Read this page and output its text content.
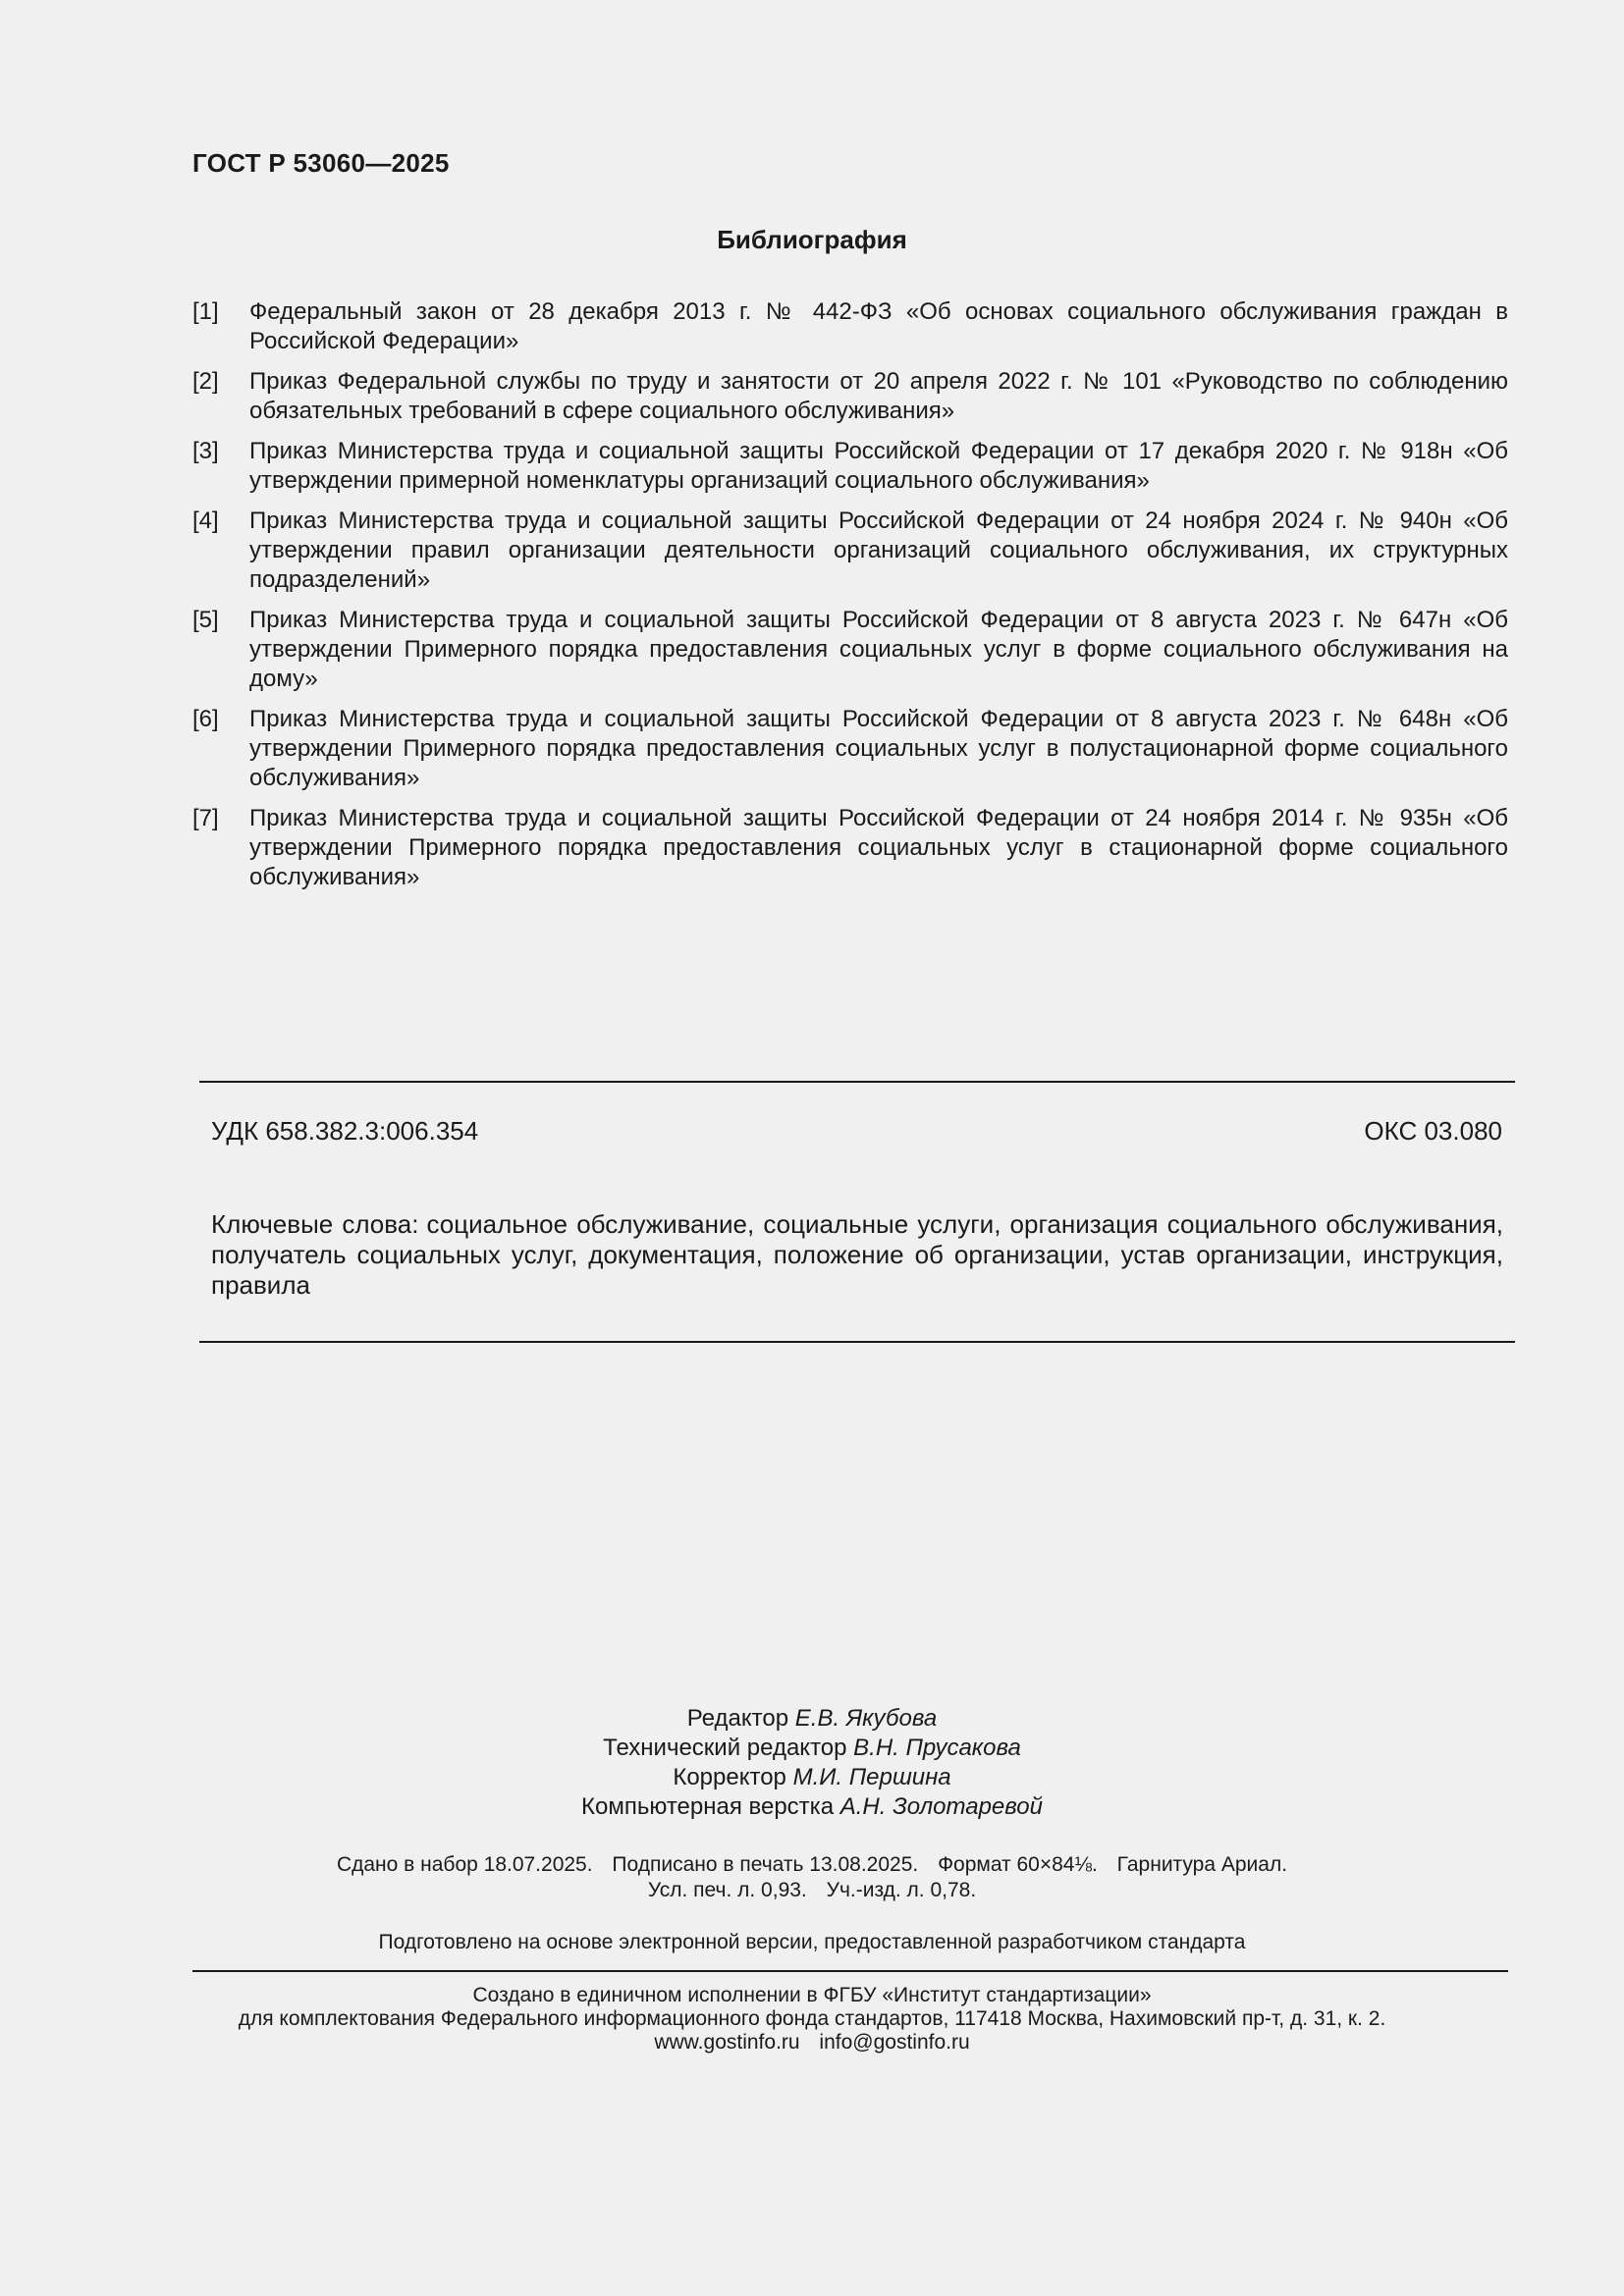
ГОСТ Р 53060—2025
Библиография
[1]	Федеральный закон от 28 декабря 2013 г. № 442-ФЗ «Об основах социального обслуживания граждан в Российской Федерации»
[2]	Приказ Федеральной службы по труду и занятости от 20 апреля 2022 г. № 101 «Руководство по соблюдению обязательных требований в сфере социального обслуживания»
[3]	Приказ Министерства труда и социальной защиты Российской Федерации от 17 декабря 2020 г. № 918н «Об утверждении примерной номенклатуры организаций социального обслуживания»
[4]	Приказ Министерства труда и социальной защиты Российской Федерации от 24 ноября 2024 г. № 940н «Об утверждении правил организации деятельности организаций социального обслуживания, их структурных подразделений»
[5]	Приказ Министерства труда и социальной защиты Российской Федерации от 8 августа 2023 г. № 647н «Об утверждении Примерного порядка предоставления социальных услуг в форме социального обслуживания на дому»
[6]	Приказ Министерства труда и социальной защиты Российской Федерации от 8 августа 2023 г. № 648н «Об утверждении Примерного порядка предоставления социальных услуг в полустационарной форме социального обслуживания»
[7]	Приказ Министерства труда и социальной защиты Российской Федерации от 24 ноября 2014 г. № 935н «Об утверждении Примерного порядка предоставления социальных услуг в стационарной форме социального обслуживания»
УДК 658.382.3:006.354	ОКС 03.080
Ключевые слова: социальное обслуживание, социальные услуги, организация социального обслуживания, получатель социальных услуг, документация, положение об организации, устав организации, инструкция, правила
Редактор Е.В. Якубова
Технический редактор В.Н. Прусакова
Корректор М.И. Першина
Компьютерная верстка А.Н. Золотаревой
Сдано в набор 18.07.2025. Подписано в печать 13.08.2025. Формат 60×84⅛. Гарнитура Ариал.
Усл. печ. л. 0,93. Уч.-изд. л. 0,78.
Подготовлено на основе электронной версии, предоставленной разработчиком стандарта
Создано в единичном исполнении в ФГБУ «Институт стандартизации»
для комплектования Федерального информационного фонда стандартов, 117418 Москва, Нахимовский пр-т, д. 31, к. 2.
www.gostinfo.ru info@gostinfo.ru
